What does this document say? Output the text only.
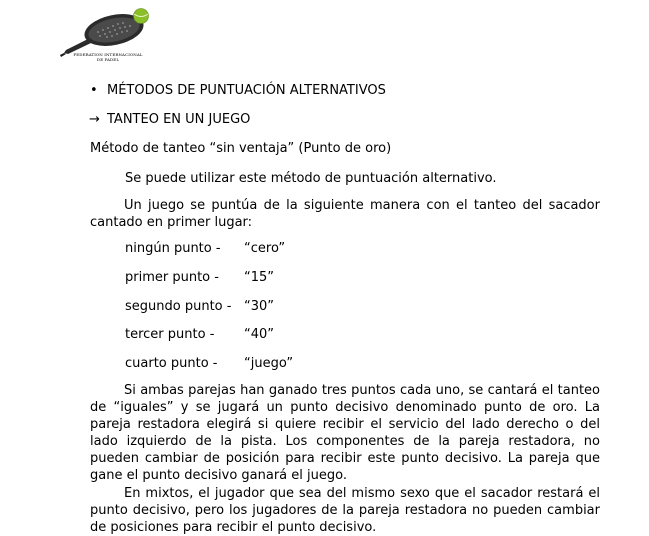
FEDERATION INTERNACIONAL
DE PADEL
• MÉTODOS DE PUNTUACIÓN ALTERNATIVOS
→ TANTEO EN UN JUEGO
Método de tanteo “sin ventaja” (Punto de oro)
Se puede utilizar este método de puntuación alternativo.
Un juego se puntúa de la siguiente manera con el tanteo del sacador cantado en primer lugar:
ningún punto - “cero”
primer punto - “15”
segundo punto - “30”
tercer punto - “40”
cuarto punto - “juego”
Si ambas parejas han ganado tres puntos cada uno, se cantará el tanteo de “iguales” y se jugará un punto decisivo denominado punto de oro. La pareja restadora elegirá si quiere recibir el servicio del lado derecho o del lado izquierdo de la pista. Los componentes de la pareja restadora, no pueden cambiar de posición para recibir este punto decisivo. La pareja que gane el punto decisivo ganará el juego.
En mixtos, el jugador que sea del mismo sexo que el sacador restará el punto decisivo, pero los jugadores de la pareja restadora no pueden cambiar de posiciones para recibir el punto decisivo.
